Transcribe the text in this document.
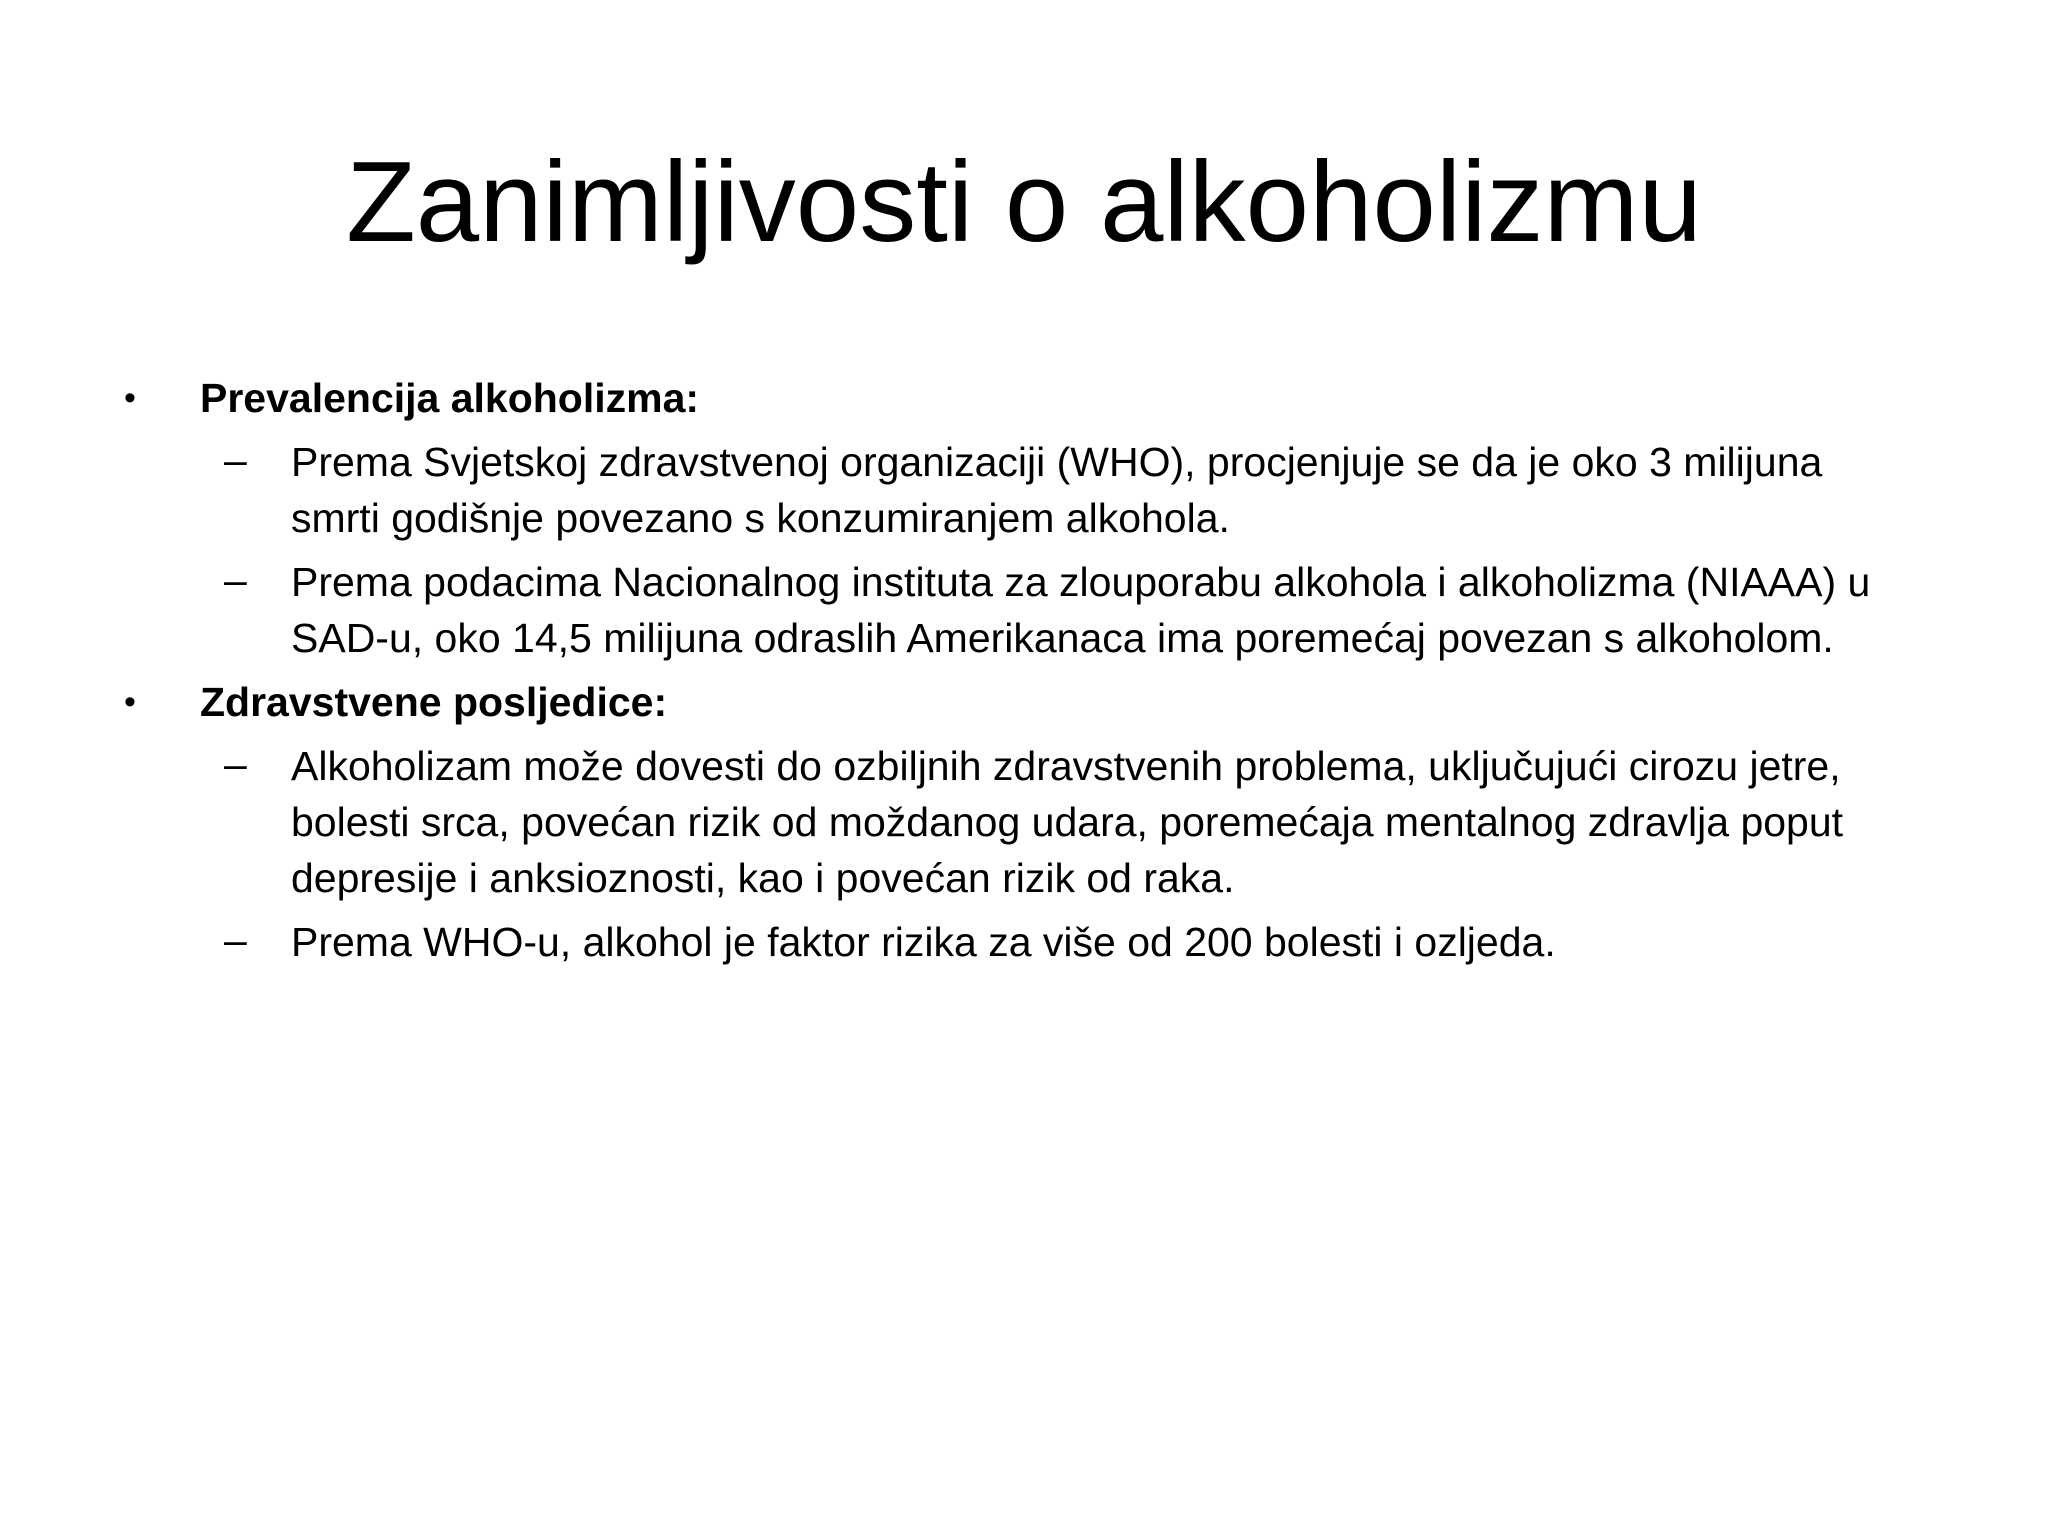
Zanimljivosti o alkoholizmu
• Prevalencija alkoholizma:
– Prema Svjetskoj zdravstvenoj organizaciji (WHO), procjenjuje se da je oko 3 milijuna smrti godišnje povezano s konzumiranjem alkohola.
– Prema podacima Nacionalnog instituta za zlouporabu alkohola i alkoholizma (NIAAA) u SAD-u, oko 14,5 milijuna odraslih Amerikanaca ima poremećaj povezan s alkoholom.
• Zdravstvene posljedice:
– Alkoholizam može dovesti do ozbiljnih zdravstvenih problema, uključujući cirozu jetre, bolesti srca, povećan rizik od moždanog udara, poremećaja mentalnog zdravlja poput depresije i anksioznosti, kao i povećan rizik od raka.
– Prema WHO-u, alkohol je faktor rizika za više od 200 bolesti i ozljeda.
